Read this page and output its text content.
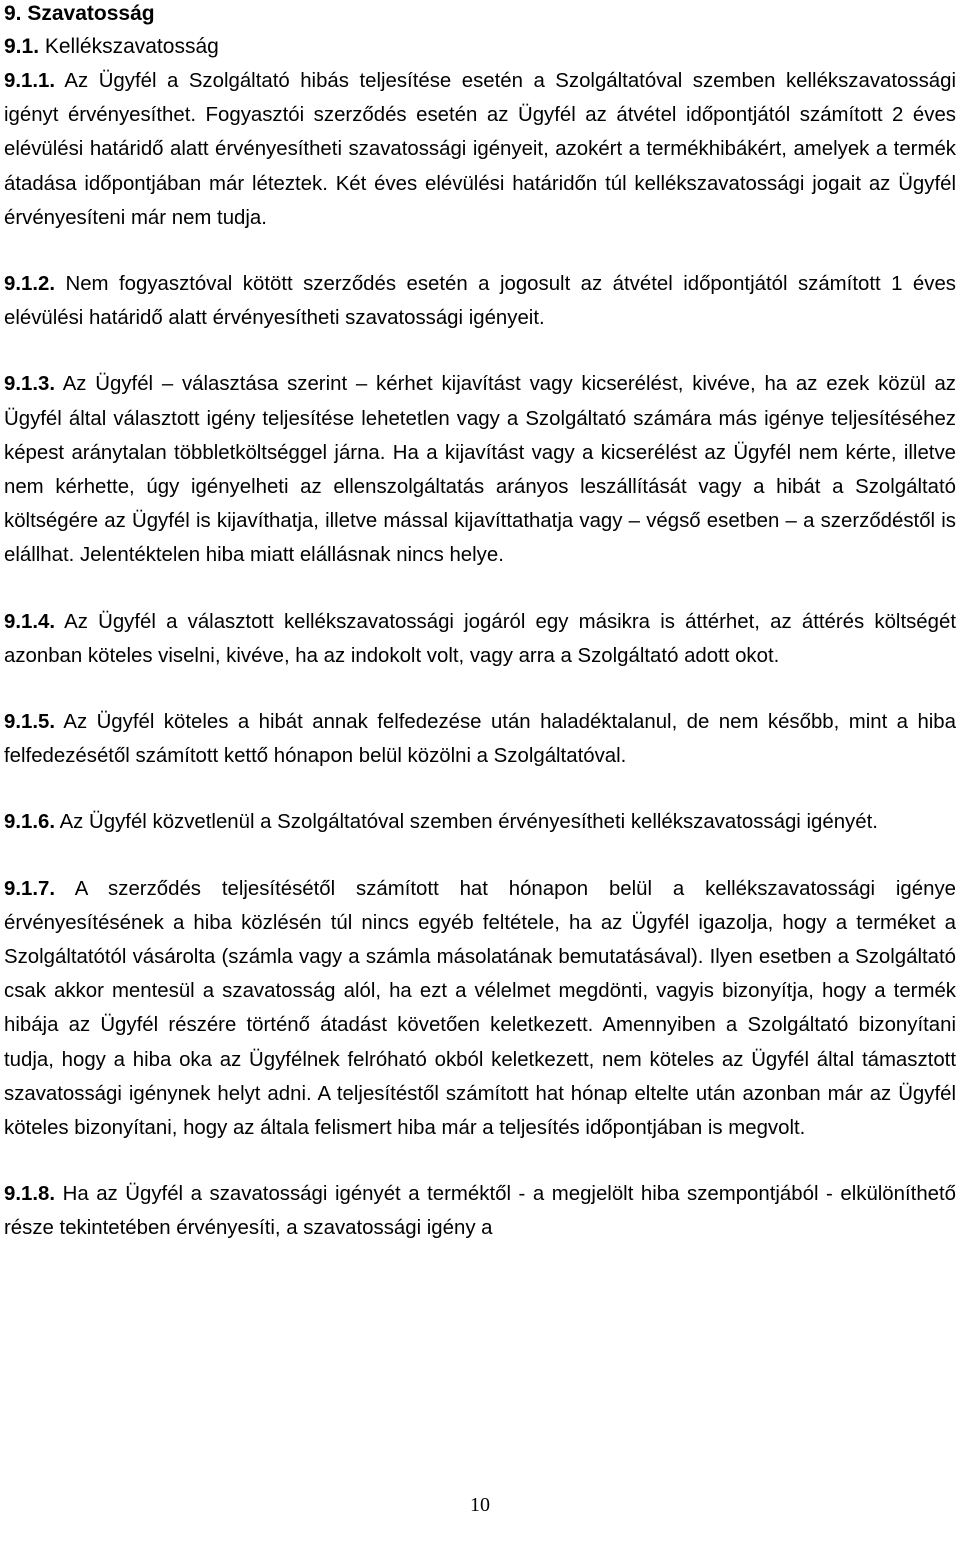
9. Szavatosság
9.1. Kellékszavatosság

9.1.1. Az Ügyfél a Szolgáltató hibás teljesítése esetén a Szolgáltatóval szemben kellékszavatossági igényt érvényesíthet. Fogyasztói szerződés esetén az Ügyfél az átvétel időpontjától számított 2 éves elévülési határidő alatt érvényesítheti szavatossági igényeit, azokért a termékhibákért, amelyek a termék átadása időpontjában már léteztek. Két éves elévülési határidőn túl kellékszavatossági jogait az Ügyfél érvényesíteni már nem tudja.

9.1.2. Nem fogyasztóval kötött szerződés esetén a jogosult az átvétel időpontjától számított 1 éves elévülési határidő alatt érvényesítheti szavatossági igényeit.

9.1.3. Az Ügyfél – választása szerint – kérhet kijavítást vagy kicserélést, kivéve, ha az ezek közül az Ügyfél által választott igény teljesítése lehetetlen vagy a Szolgáltató számára más igénye teljesítéséhez képest aránytalan többletköltséggel járna. Ha a kijavítást vagy a kicserélést az Ügyfél nem kérte, illetve nem kérhette, úgy igényelheti az ellenszolgáltatás arányos leszállítását vagy a hibát a Szolgáltató költségére az Ügyfél is kijavíthatja, illetve mással kijavíttathatja vagy – végső esetben – a szerződéstől is elállhat. Jelentéktelen hiba miatt elállásnak nincs helye.

9.1.4. Az Ügyfél a választott kellékszavatossági jogáról egy másikra is áttérhet, az áttérés költségét azonban köteles viselni, kivéve, ha az indokolt volt, vagy arra a Szolgáltató adott okot.

9.1.5. Az Ügyfél köteles a hibát annak felfedezése után haladéktalanul, de nem később, mint a hiba felfedezésétől számított kettő hónapon belül közölni a Szolgáltatóval.

9.1.6. Az Ügyfél közvetlenül a Szolgáltatóval szemben érvényesítheti kellékszavatossági igényét.

9.1.7. A szerződés teljesítésétől számított hat hónapon belül a kellékszavatossági igénye érvényesítésének a hiba közlésén túl nincs egyéb feltétele, ha az Ügyfél igazolja, hogy a terméket a Szolgáltatótól vásárolta (számla vagy a számla másolatának bemutatásával). Ilyen esetben a Szolgáltató csak akkor mentesül a szavatosság alól, ha ezt a vélelmet megdönti, vagyis bizonyítja, hogy a termék hibája az Ügyfél részére történő átadást követően keletkezett. Amennyiben a Szolgáltató bizonyítani tudja, hogy a hiba oka az Ügyfélnek felróható okból keletkezett, nem köteles az Ügyfél által támasztott szavatossági igénynek helyt adni. A teljesítéstől számított hat hónap eltelte után azonban már az Ügyfél köteles bizonyítani, hogy az általa felismert hiba már a teljesítés időpontjában is megvolt.

9.1.8. Ha az Ügyfél a szavatossági igényét a terméktől - a megjelölt hiba szempontjából - elkülöníthető része tekintetében érvényesíti, a szavatossági igény a

10
